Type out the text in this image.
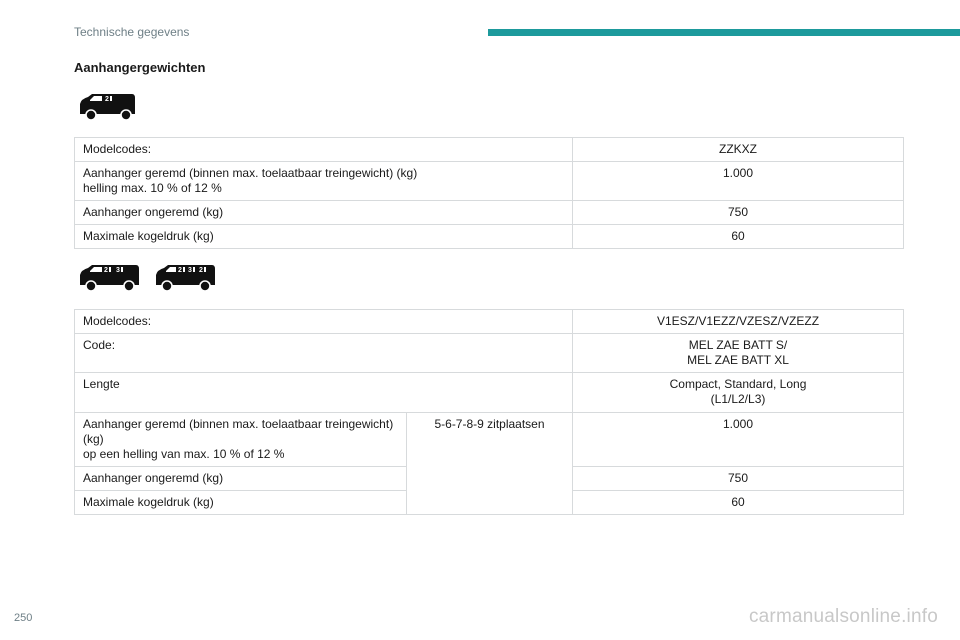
Technische gegevens
Aanhangergewichten
2
Modelcodes:	ZZKXZ
Aanhanger geremd (binnen max. toelaatbaar treingewicht) (kg)
helling max. 10 % of 12 %	1.000
Aanhanger ongeremd (kg)	750
Maximale kogeldruk (kg)	60
2 3	2 3 2
Modelcodes:		V1ESZ/V1EZZ/VZESZ/VZEZZ
Code:		MEL ZAE BATT S/
MEL ZAE BATT XL
Lengte		Compact, Standard, Long
(L1/L2/L3)
Aanhanger geremd (binnen max. toelaatbaar treingewicht)
(kg)
op een helling van max. 10 % of 12 %	5-6-7-8-9 zitplaatsen	1.000
Aanhanger ongeremd (kg)		750
Maximale kogeldruk (kg)		60
250	carmanualsonline.info
